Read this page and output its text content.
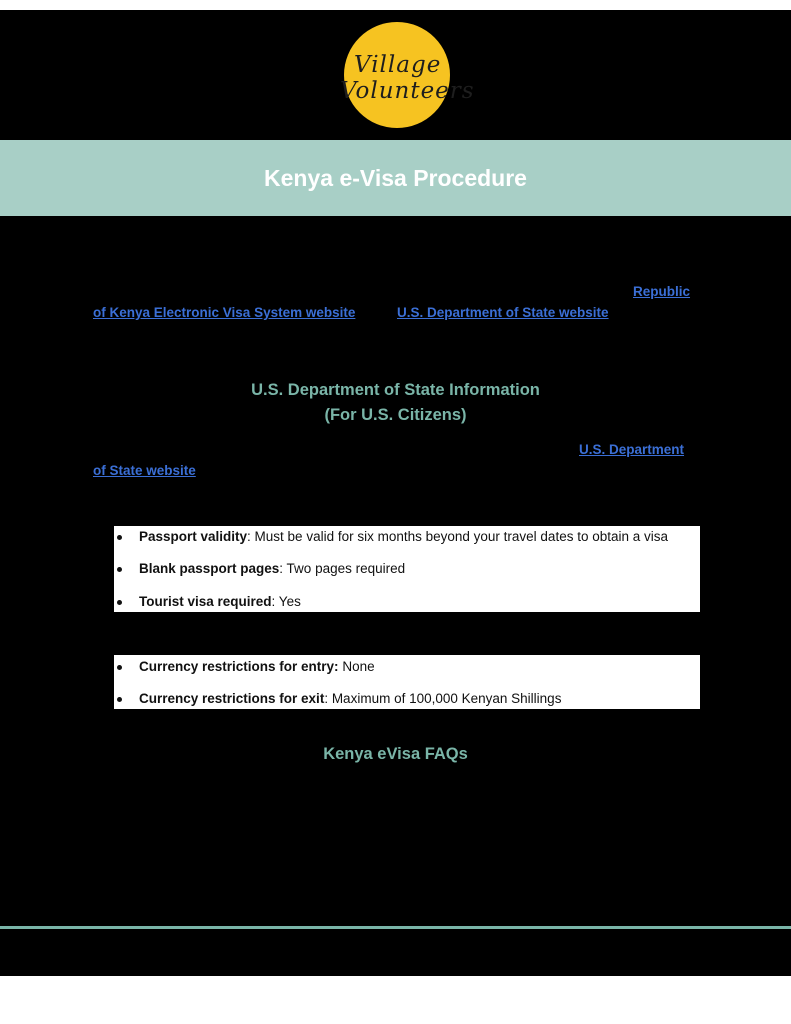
Village
Volunteers
Kenya e-Visa Procedure
Republic
of Kenya Electronic Visa System website	U.S. Department of State website
U.S. Department of State Information
(For U.S. Citizens)
U.S. Department
of State website
Passport validity: Must be valid for six months beyond your travel dates to obtain a visa
Blank passport pages: Two pages required
Tourist visa required: Yes
Currency restrictions for entry: None
Currency restrictions for exit: Maximum of 100,000 Kenyan Shillings
Kenya eVisa FAQs
